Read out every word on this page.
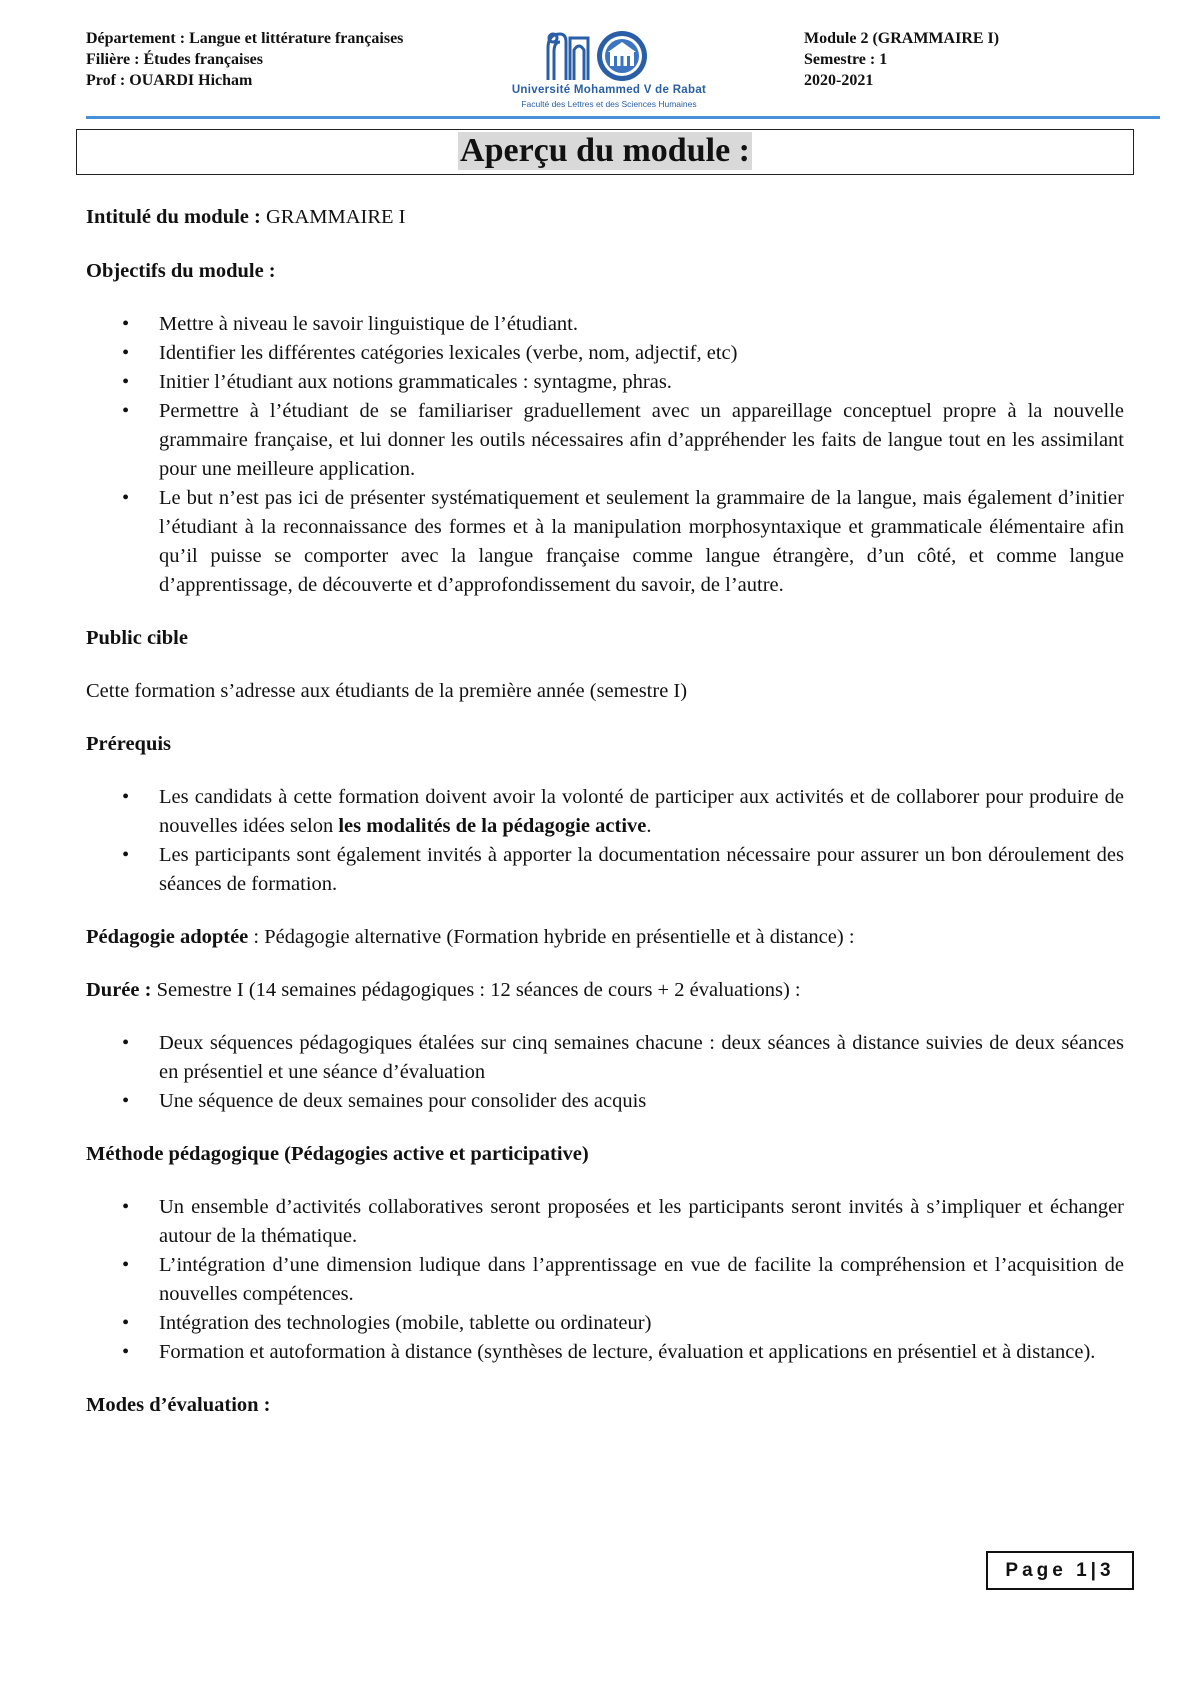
Département : Langue et littérature françaises
Filière : Études françaises
Prof : OUARDI Hicham
Université Mohammed V de Rabat
Faculté des Lettres et des Sciences Humaines
Module 2 (GRAMMAIRE I)
Semestre : 1
2020-2021
Aperçu du module :

Intitulé du module : GRAMMAIRE I

Objectifs du module :

• Mettre à niveau le savoir linguistique de l’étudiant.
• Identifier les différentes catégories lexicales (verbe, nom, adjectif, etc)
• Initier l’étudiant aux notions grammaticales : syntagme, phras.
• Permettre à l’étudiant de se familiariser graduellement avec un appareillage conceptuel propre à la nouvelle grammaire française, et lui donner les outils nécessaires afin d’appréhender les faits de langue tout en les assimilant pour une meilleure application.
• Le but n’est pas ici de présenter systématiquement et seulement la grammaire de la langue, mais également d’initier l’étudiant à la reconnaissance des formes et à la manipulation morphosyntaxique et grammaticale élémentaire afin qu’il puisse se comporter avec la langue française comme langue étrangère, d’un côté, et comme langue d’apprentissage, de découverte et d’approfondissement du savoir, de l’autre.

Public cible

Cette formation s’adresse aux étudiants de la première année (semestre I)

Prérequis

• Les candidats à cette formation doivent avoir la volonté de participer aux activités et de collaborer pour produire de nouvelles idées selon les modalités de la pédagogie active.
• Les participants sont également invités à apporter la documentation nécessaire pour assurer un bon déroulement des séances de formation.

Pédagogie adoptée : Pédagogie alternative (Formation hybride en présentielle et à distance) :

Durée : Semestre I (14 semaines pédagogiques : 12 séances de cours + 2 évaluations) :

• Deux séquences pédagogiques étalées sur cinq semaines chacune : deux séances à distance suivies de deux séances en présentiel et une séance d’évaluation
• Une séquence de deux semaines pour consolider des acquis

Méthode pédagogique (Pédagogies active et participative)

• Un ensemble d’activités collaboratives seront proposées et les participants seront invités à s’impliquer et échanger autour de la thématique.
• L’intégration d’une dimension ludique dans l’apprentissage en vue de facilite la compréhension et l’acquisition de nouvelles compétences.
• Intégration des technologies (mobile, tablette ou ordinateur)
• Formation et autoformation à distance (synthèses de lecture, évaluation et applications en présentiel et à distance).

Modes d’évaluation :

Page 1|3
